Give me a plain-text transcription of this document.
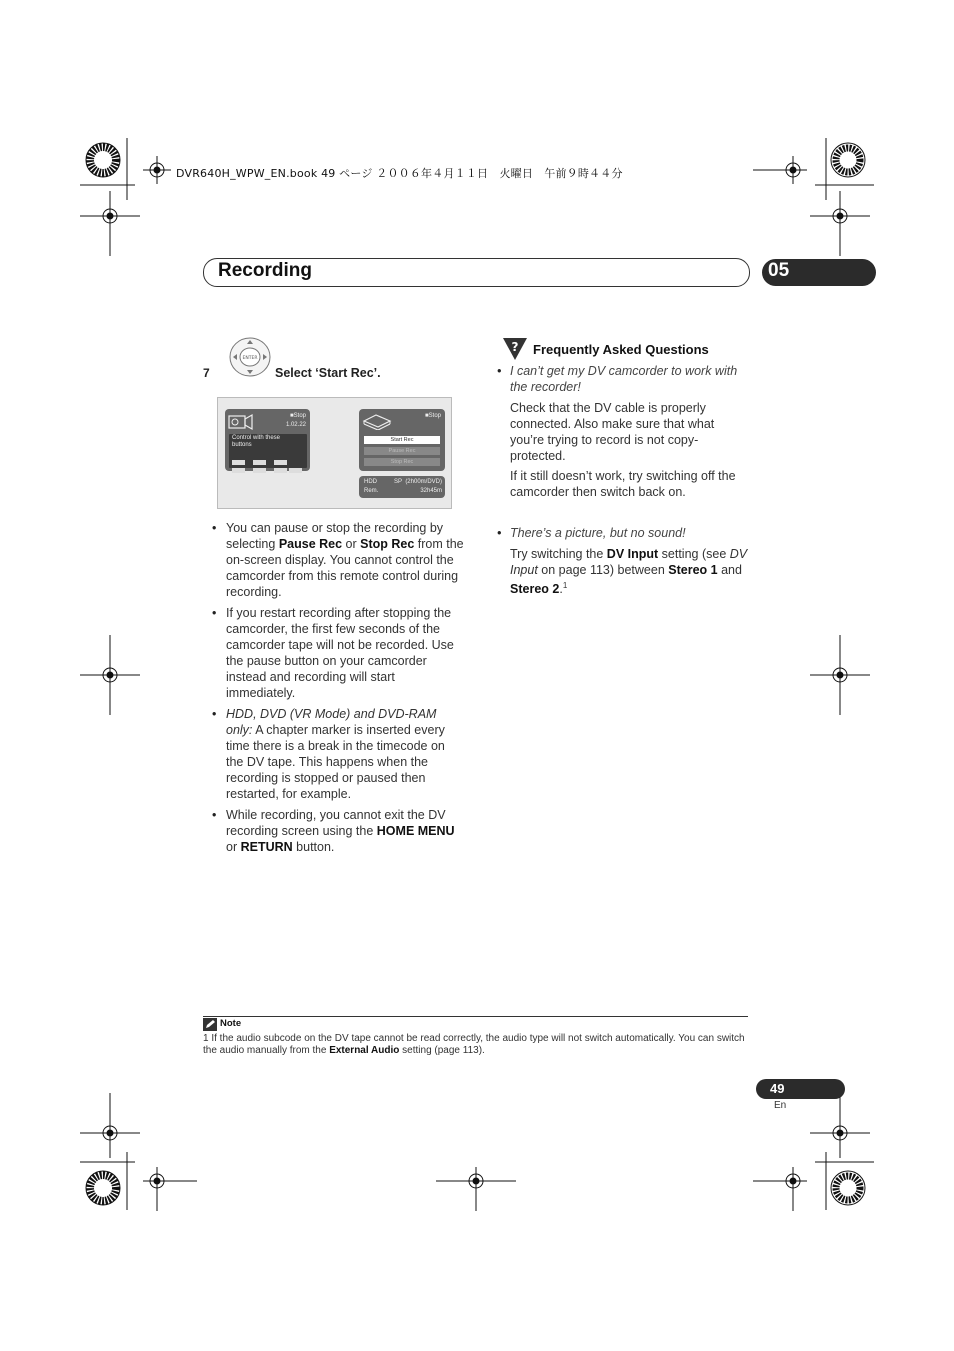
DVR640H_WPW_EN.book 49 ページ ２００６年４月１１日　火曜日　午前９時４４分
Recording	05
7
ENTER
Select ‘Start Rec’.
■Stop
1.02.22
Control with these buttons
■Stop
Start Rec
Pause Rec
Stop Rec
HDD	SP (2h00m/DVD)
Rem.	32h45m
• You can pause or stop the recording by selecting Pause Rec or Stop Rec from the on-screen display. You cannot control the camcorder from this remote control during recording.
• If you restart recording after stopping the camcorder, the first few seconds of the camcorder tape will not be recorded. Use the pause button on your camcorder instead and recording will start immediately.
• HDD, DVD (VR Mode) and DVD-RAM only: A chapter marker is inserted every time there is a break in the timecode on the DV tape. This happens when the recording is stopped or paused then restarted, for example.
• While recording, you cannot exit the DV recording screen using the HOME MENU or RETURN button.
? Frequently Asked Questions
• I can’t get my DV camcorder to work with the recorder!

Check that the DV cable is properly connected. Also make sure that what you’re trying to record is not copy-protected.

If it still doesn’t work, try switching off the camcorder then switch back on.

• There’s a picture, but no sound!

Try switching the DV Input setting (see DV Input on page 113) between Stereo 1 and Stereo 2.$^1$

Note
1 If the audio subcode on the DV tape cannot be read correctly, the audio type will not switch automatically. You can switch the audio manually from the External Audio setting (page 113).
49
En
